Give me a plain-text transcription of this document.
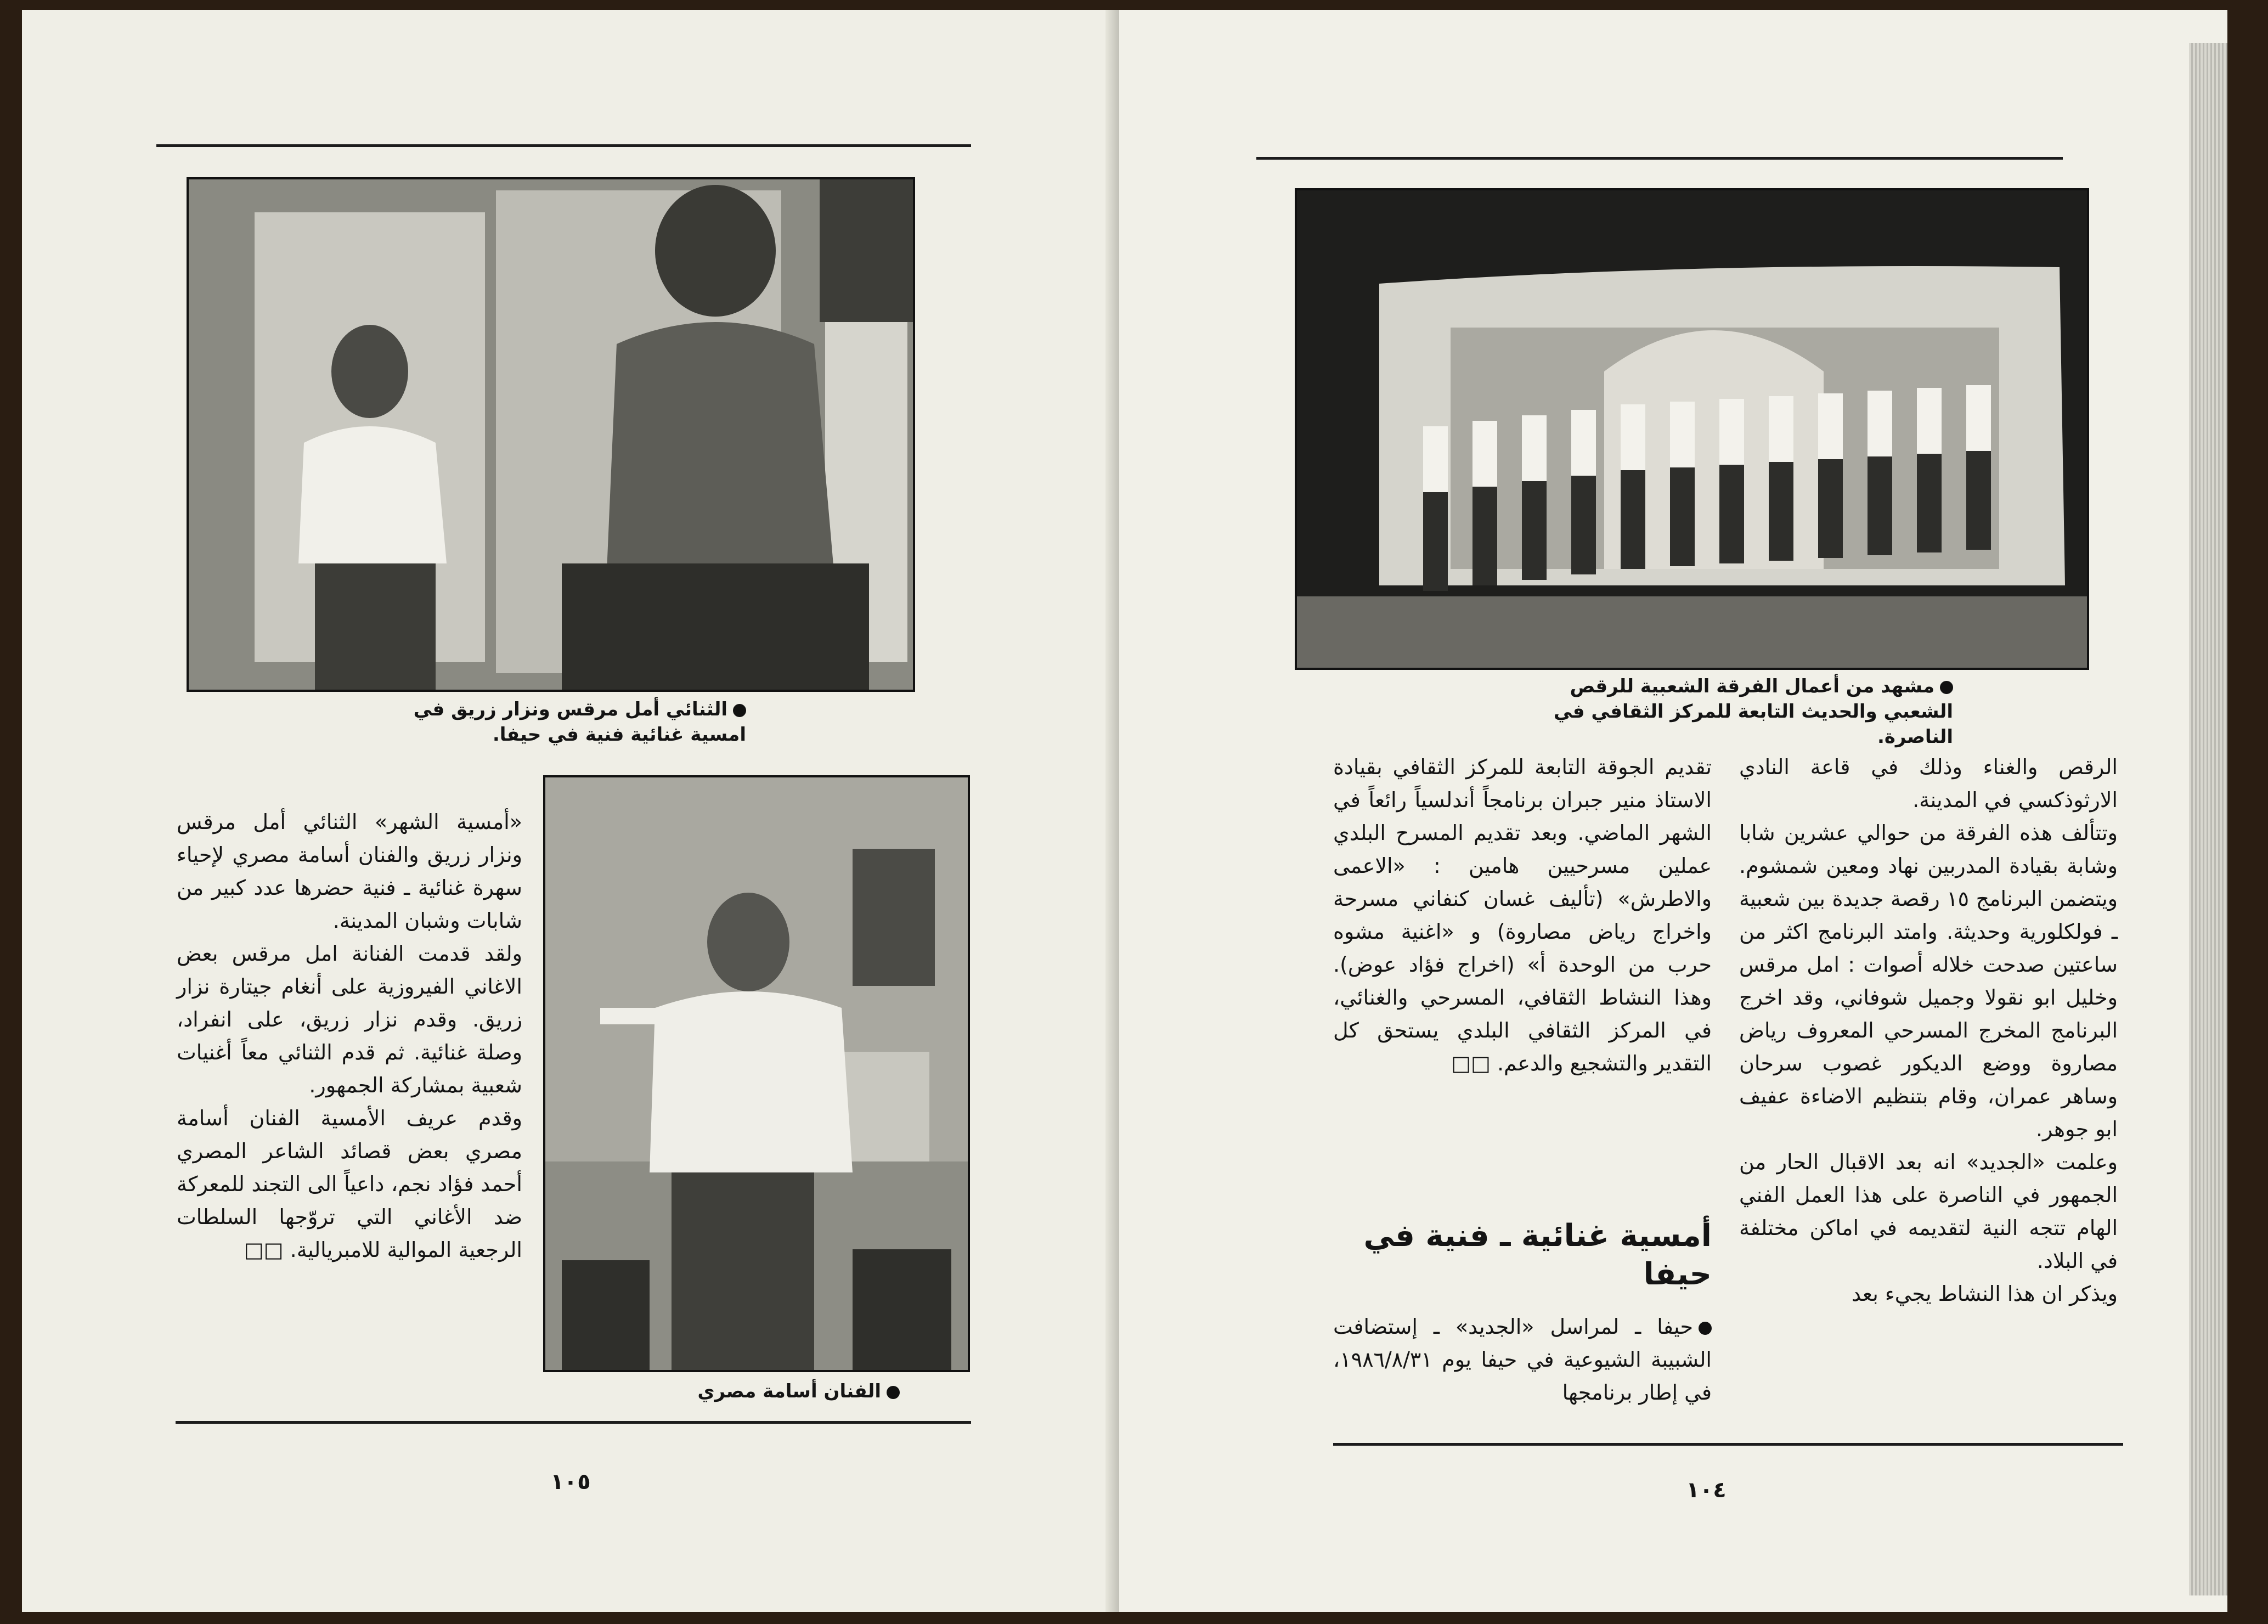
الثنائي أمل مرقس ونزار زريق في امسية غنائية فنية في حيفا.
الفنان أسامة مصري

«أمسية الشهر» الثنائي أمل مرقس ونزار زريق والفنان أسامة مصري لإحياء سهرة غنائية ـ فنية حضرها عدد كبير من شابات وشبان المدينة.
ولقد قدمت الفنانة امل مرقس بعض الاغاني الفيروزية على أنغام جيتارة نزار زريق. وقدم نزار زريق، على انفراد، وصلة غنائية. ثم قدم الثنائي معاً أغنيات شعبية بمشاركة الجمهور.
وقدم عريف الأمسية الفنان أسامة مصري بعض قصائد الشاعر المصري أحمد فؤاد نجم، داعياً الى التجند للمعركة ضد الأغاني التي تروّجها السلطات الرجعية الموالية للامبريالية. □□

١٠٥
مشهد من أعمال الفرقة الشعبية للرقص الشعبي والحديث التابعة للمركز الثقافي في الناصرة.

الرقص والغناء وذلك في قاعة النادي الارثوذكسي في المدينة.
وتتألف هذه الفرقة من حوالي عشرين شابا وشابة بقيادة المدربين نهاد ومعين شمشوم. ويتضمن البرنامج ١٥ رقصة جديدة بين شعبية ـ فولكلورية وحديثة. وامتد البرنامج اكثر من ساعتين صدحت خلاله أصوات : امل مرقس وخليل ابو نقولا وجميل شوفاني، وقد اخرج البرنامج المخرج المسرحي المعروف رياض مصاروة ووضع الديكور غصوب سرحان وساهر عمران، وقام بتنظيم الاضاءة عفيف ابو جوهر.
وعلمت «الجديد» انه بعد الاقبال الحار من الجمهور في الناصرة على هذا العمل الفني الهام تتجه النية لتقديمه في اماكن مختلفة في البلاد.
ويذكر ان هذا النشاط يجيء بعد

تقديم الجوقة التابعة للمركز الثقافي بقيادة الاستاذ منير جبران برنامجاً أندلسياً رائعاً في الشهر الماضي. وبعد تقديم المسرح البلدي عملين مسرحيين هامين : «الاعمى والاطرش» (تأليف غسان كنفاني مسرحة واخراج رياض مصاروة) و «اغنية مشوه حرب من الوحدة أ» (اخراج فؤاد عوض). وهذا النشاط الثقافي، المسرحي والغنائي، في المركز الثقافي البلدي يستحق كل التقدير والتشجيع والدعم. □□

أمسية غنائية ـ فنية في حيفا

حيفا ـ لمراسل «الجديد» ـ إستضافت الشبيبة الشيوعية في حيفا يوم ١٩٨٦/٨/٣١، في إطار برنامجها

١٠٤
